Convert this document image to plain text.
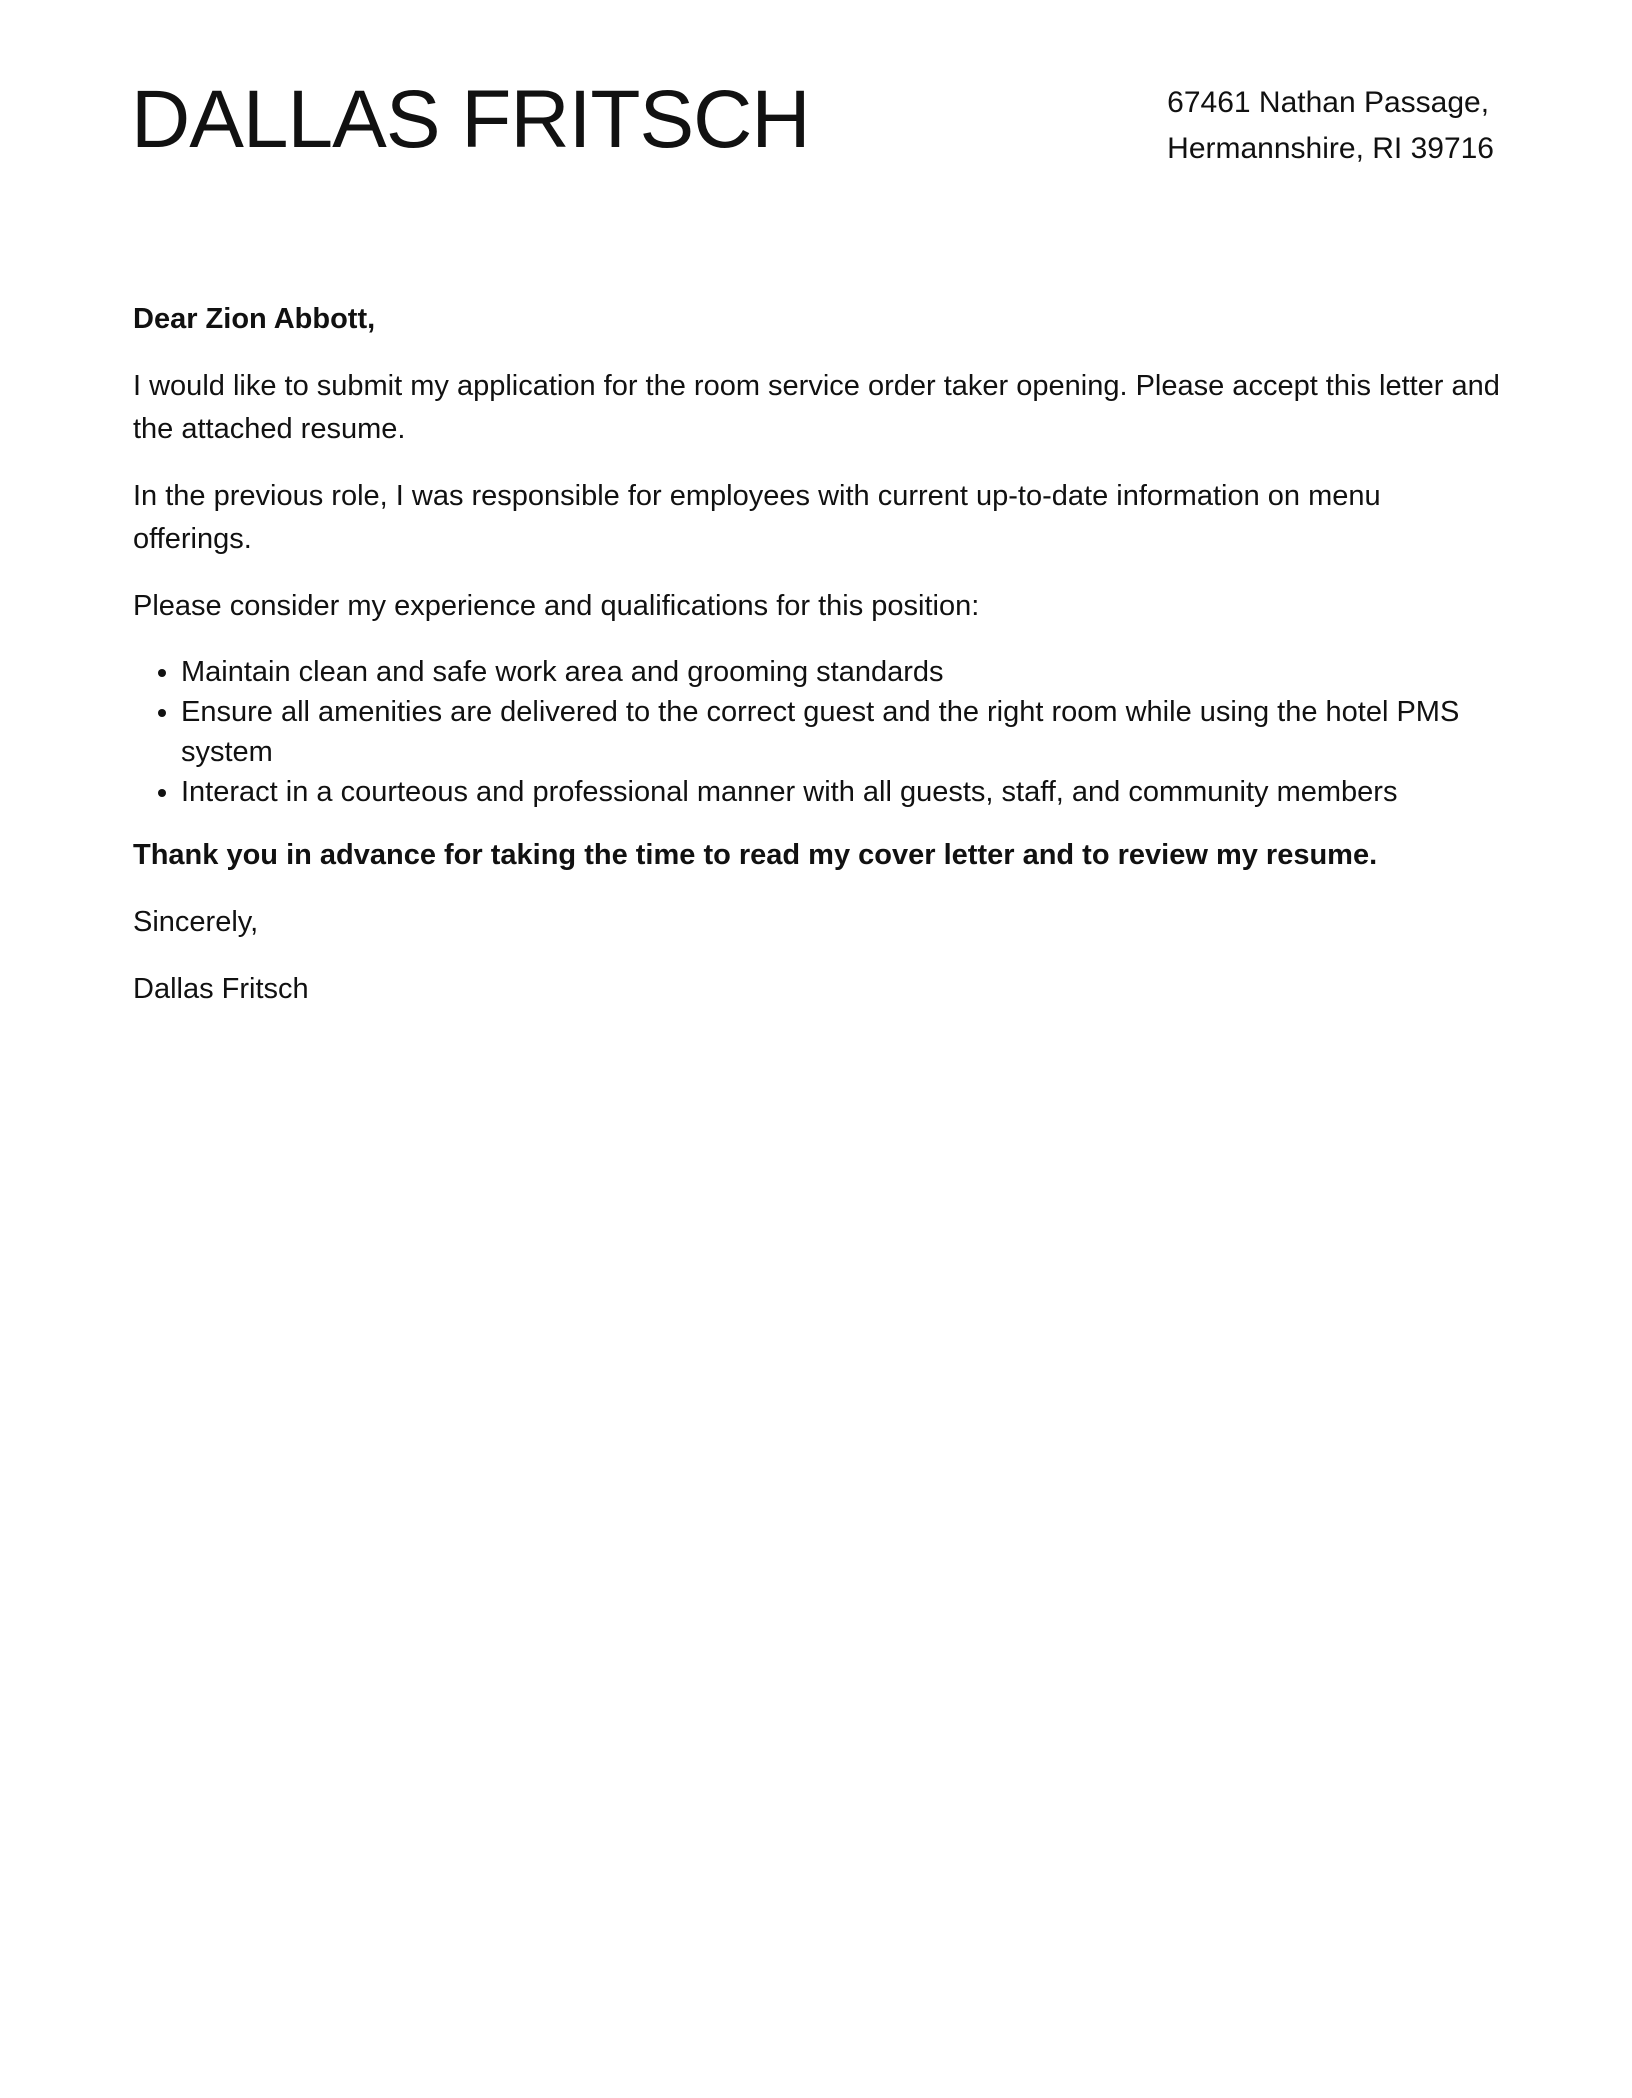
DALLAS FRITSCH	67461 Nathan Passage,
Hermannshire, RI 39716

Dear Zion Abbott,

I would like to submit my application for the room service order taker opening. Please accept this letter and the attached resume.

In the previous role, I was responsible for employees with current up-to-date information on menu offerings.

Please consider my experience and qualifications for this position:

• Maintain clean and safe work area and grooming standards
• Ensure all amenities are delivered to the correct guest and the right room while using the hotel PMS system
• Interact in a courteous and professional manner with all guests, staff, and community members

Thank you in advance for taking the time to read my cover letter and to review my resume.

Sincerely,

Dallas Fritsch
